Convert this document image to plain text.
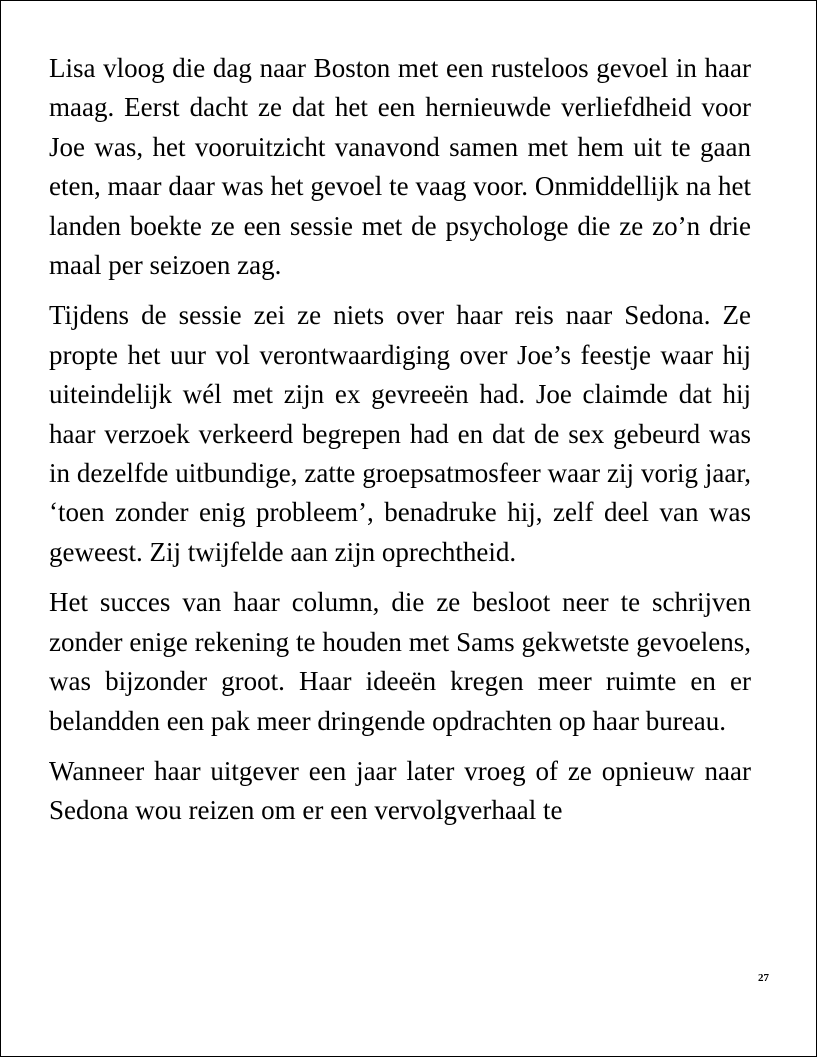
Lisa vloog die dag naar Boston met een rusteloos gevoel in haar maag. Eerst dacht ze dat het een hernieuwde verliefdheid voor Joe was, het vooruitzicht vanavond samen met hem uit te gaan eten, maar daar was het gevoel te vaag voor. Onmiddellijk na het landen boekte ze een sessie met de psychologe die ze zo’n drie maal per seizoen zag.

Tijdens de sessie zei ze niets over haar reis naar Sedona. Ze propte het uur vol verontwaardiging over Joe’s feestje waar hij uiteindelijk wél met zijn ex gevreeën had. Joe claimde dat hij haar verzoek verkeerd begrepen had en dat de sex gebeurd was in dezelfde uitbundige, zatte groepsatmosfeer waar zij vorig jaar, ‘toen zonder enig probleem’, benadruke hij, zelf deel van was geweest. Zij twijfelde aan zijn oprechtheid.

Het succes van haar column, die ze besloot neer te schrijven zonder enige rekening te houden met Sams gekwetste gevoelens, was bijzonder groot. Haar ideeën kregen meer ruimte en er belandden een pak meer dringende opdrachten op haar bureau.

Wanneer haar uitgever een jaar later vroeg of ze opnieuw naar Sedona wou reizen om er een vervolgverhaal te

27
